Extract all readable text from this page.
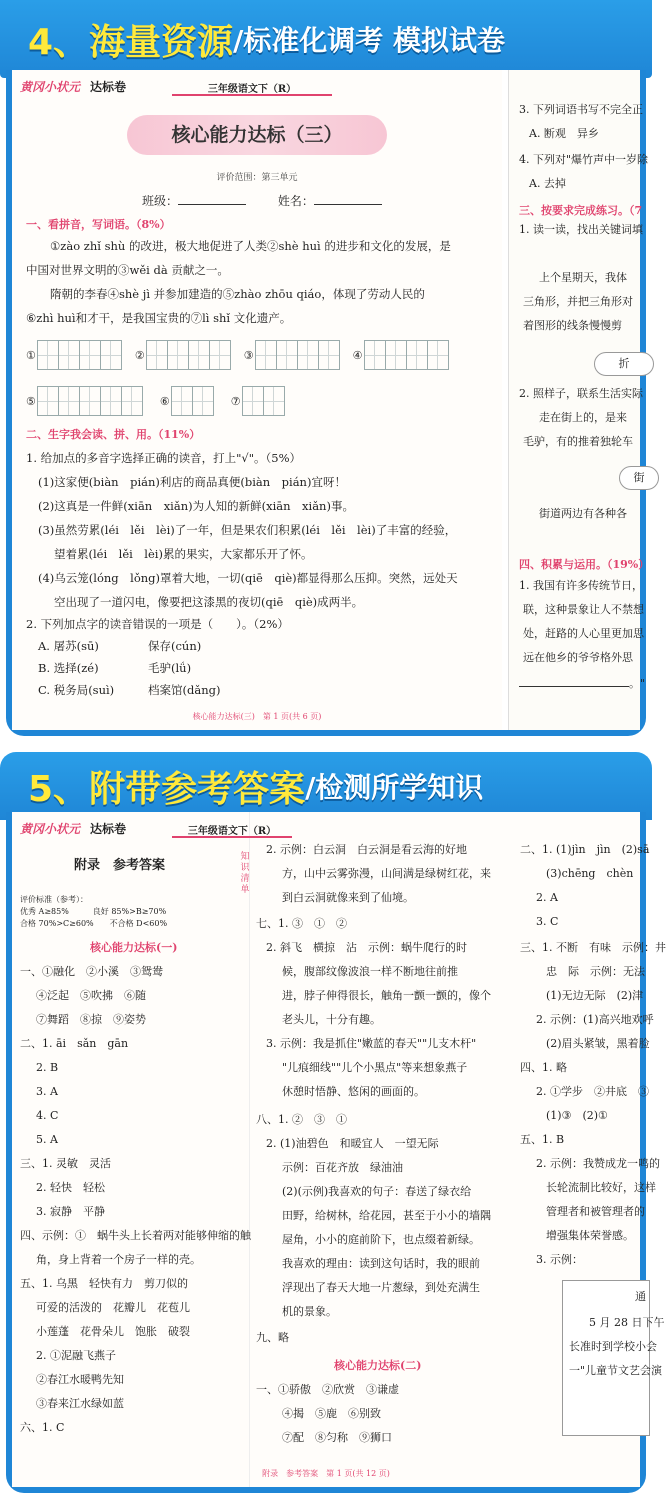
4、 海量资源 /标准化调考 模拟试卷
黄冈小状元 达标卷	三年级语文下（R）
核心能力达标（三）
评价范围：第三单元
班级：	姓名：
一、看拼音，写词语。（8%）
①zào zhǐ shù 的改进，极大地促进了人类②shè huì 的进步和文化的发展，是
中国对世界文明的③wěi dà 贡献之一。
隋朝的李春④shè jì 并参加建造的⑤zhào zhōu qiáo，体现了劳动人民的
⑥zhì huì和才干，是我国宝贵的⑦lì shǐ 文化遗产。
①	②	③	④
⑤	⑥	⑦
二、生字我会读、拼、用。（11%）
1. 给加点的多音字选择正确的读音，打上"√"。（5%）
(1)这家便(biàn　pián)利店的商品真便(biàn　pián)宜呀！
(2)这真是一件鲜(xiān　xiǎn)为人知的新鲜(xiān　xiǎn)事。
(3)虽然劳累(léi　lěi　lèi)了一年，但是果农们积累(léi　lěi　lèi)了丰富的经验，
望着累(léi　lěi　lèi)累的果实，大家都乐开了怀。
(4)乌云笼(lóng　lǒng)罩着大地，一切(qiē　qiè)都显得那么压抑。突然，远处天
空出现了一道闪电，像要把这漆黑的夜切(qiē　qiè)成两半。
2. 下列加点字的读音错误的一项是（　　）。（2%）
A. 屠苏(sū)	保存(cún)
B. 选择(zé)	毛驴(lǘ)
C. 税务局(suì)	档案馆(dǎng)
核心能力达标(三)　第 1 页(共 6 页)
3. 下列词语书写不完全正
A. 断观　异乡
4. 下列对"爆竹声中一岁除
A. 去掉
三、按要求完成练习。（7
1. 读一读，找出关键词填
上个星期天，我体
三角形，并把三角形对
着图形的线条慢慢剪
折
2. 照样子，联系生活实际
走在街上的，是来
毛驴，有的推着独轮车
街
街道两边有各种各
四、积累与运用。（19%）
1. 我国有许多传统节日，
联，这种景象让人不禁想
处，赶路的人心里更加思
远在他乡的爷爷格外思
。"
5、 附带参考答案 /检测所学知识
黄冈小状元 达标卷	三年级语文下（R）
附录　参考答案
评价标准（参考）：
优秀 A≥85%　　　良好 85%>B≥70%
合格 70%>C≥60%　　不合格 D<60%
核心能力达标(一)
一、①融化　②小溪　③鸳鸯
④泛起　⑤吹拂　⑥随
⑦舞蹈　⑧掠　⑨姿势
二、1. āi　sǎn　gān
2. B
3. A
4. C
5. A
三、1. 灵敏　灵活
2. 轻快　轻松
3. 寂静　平静
四、示例：①　蜗牛头上长着两对能够伸缩的触
角，身上背着一个房子一样的壳。
五、1. 乌黑　轻快有力　剪刀似的
可爱的活泼的　花瓣儿　花苞儿
小莲蓬　花骨朵儿　饱胀　破裂
2. ①泥融飞燕子
②春江水暖鸭先知
③春来江水绿如蓝
六、1. C
知识清单
2. 示例：白云洞　白云洞是看云海的好地
方，山中云雾弥漫，山间满是绿树红花，来
到白云洞就像来到了仙境。
七、1. ③　①　②
2. 斜飞　横掠　沾　示例：蜗牛爬行的时
候，腹部纹像波浪一样不断地往前推
进，脖子伸得很长，触角一颤一颤的，像个
老头儿，十分有趣。
3. 示例：我是抓住"嫩蓝的春天""儿支木杆"
"儿痕细线""儿个小黑点"等来想象燕子
休憩时悟静、悠闲的画面的。
八、1. ②　③　①
2. (1)油碧色　和暖宜人　一望无际
示例：百花齐放　绿油油
(2)(示例)我喜欢的句子：春送了绿衣给
田野，给树林，给花园，甚至于小小的墙隅
屋角，小小的庭前阶下，也点缀着新绿。
我喜欢的理由：读到这句话时，我的眼前
浮现出了春天大地一片葱绿，到处充满生
机的景象。
九、略
核心能力达标(二)
一、①骄傲　②欣赏　③谦虚
④揭　⑤鹿　⑥别致
⑦配　⑧匀称　⑨狮口
二、1. (1)jìn　jìn　(2)sā
(3)chēng　chèn
2. A
3. C
三、1. 不断　有味　示例：井
忠　际　示例：无法
(1)无边无际　(2)津
2. 示例：(1)高兴地欢呼
(2)眉头紧皱，黑着脸
四、1. 略
2. ①学步　②井底　③
(1)③　(2)①
五、1. B
2. 示例：我赞成龙一鸣的
长轮流制比较好，这样
管理者和被管理者的
增强集体荣誉感。
3. 示例：
通
5 月 28 日下午
长准时到学校小会
一"儿童节文艺会演
附录　参考答案　第 1 页(共 12 页)
